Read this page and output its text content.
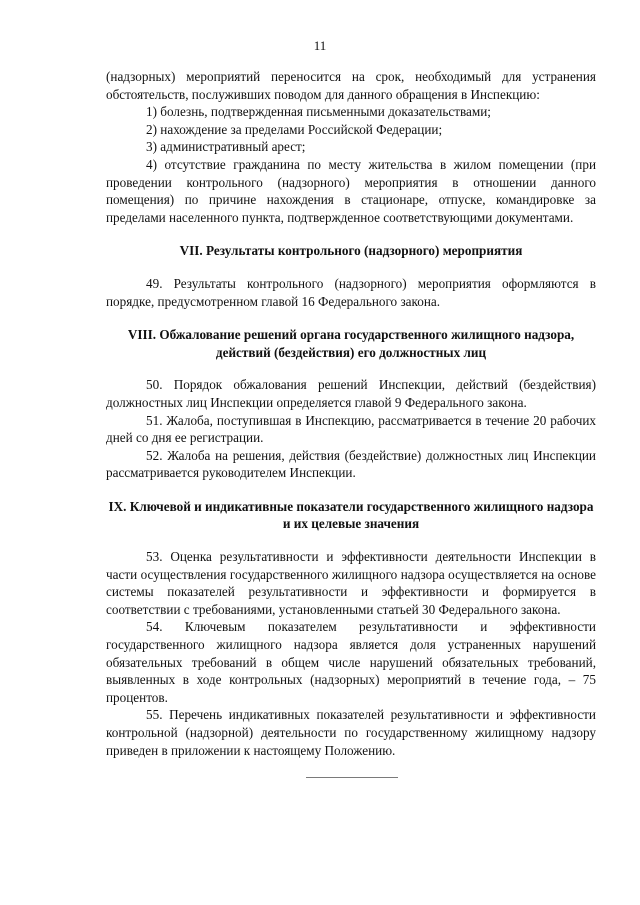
11

(надзорных) мероприятий переносится на срок, необходимый для устранения обстоятельств, послуживших поводом для данного обращения в Инспекцию:

1) болезнь, подтвержденная письменными доказательствами;

2) нахождение за пределами Российской Федерации;

3) административный арест;

4) отсутствие гражданина по месту жительства в жилом помещении (при проведении контрольного (надзорного) мероприятия в отношении данного помещения) по причине нахождения в стационаре, отпуске, командировке за пределами населенного пункта, подтвержденное соответствующими документами.

VII. Результаты контрольного (надзорного) мероприятия

49. Результаты контрольного (надзорного) мероприятия оформляются в порядке, предусмотренном главой 16 Федерального закона.

VIII. Обжалование решений органа государственного жилищного надзора, действий (бездействия) его должностных лиц

50. Порядок обжалования решений Инспекции, действий (бездействия) должностных лиц Инспекции определяется главой 9 Федерального закона.

51. Жалоба, поступившая в Инспекцию, рассматривается в течение 20 рабочих дней со дня ее регистрации.

52. Жалоба на решения, действия (бездействие) должностных лиц Инспекции рассматривается руководителем Инспекции.

IX. Ключевой и индикативные показатели государственного жилищного надзора и их целевые значения

53. Оценка результативности и эффективности деятельности Инспекции в части осуществления государственного жилищного надзора осуществляется на основе системы показателей результативности и эффективности и формируется в соответствии с требованиями, установленными статьей 30 Федерального закона.

54. Ключевым показателем результативности и эффективности государственного жилищного надзора является доля устраненных нарушений обязательных требований в общем числе нарушений обязательных требований, выявленных в ходе контрольных (надзорных) мероприятий в течение года, – 75 процентов.

55. Перечень индикативных показателей результативности и эффективности контрольной (надзорной) деятельности по государственному жилищному надзору приведен в приложении к настоящему Положению.
